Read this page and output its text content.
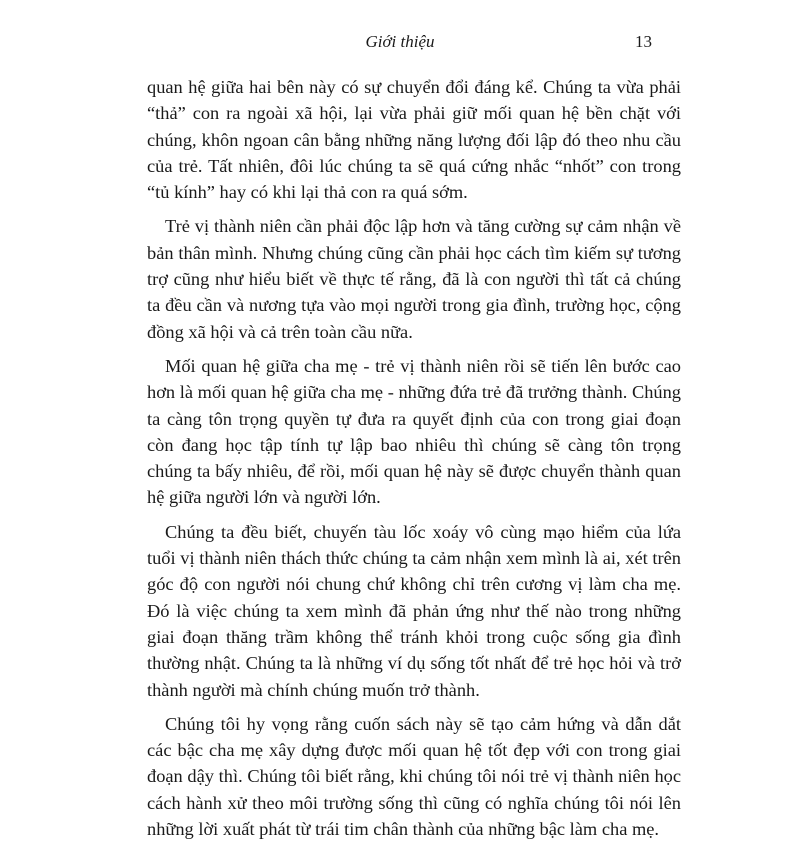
Giới thiệu	13

quan hệ giữa hai bên này có sự chuyển đổi đáng kể. Chúng ta vừa phải “thả” con ra ngoài xã hội, lại vừa phải giữ mối quan hệ bền chặt với chúng, khôn ngoan cân bằng những năng lượng đối lập đó theo nhu cầu của trẻ. Tất nhiên, đôi lúc chúng ta sẽ quá cứng nhắc “nhốt” con trong “tủ kính” hay có khi lại thả con ra quá sớm.

Trẻ vị thành niên cần phải độc lập hơn và tăng cường sự cảm nhận về bản thân mình. Nhưng chúng cũng cần phải học cách tìm kiếm sự tương trợ cũng như hiểu biết về thực tế rằng, đã là con người thì tất cả chúng ta đều cần và nương tựa vào mọi người trong gia đình, trường học, cộng đồng xã hội và cả trên toàn cầu nữa.

Mối quan hệ giữa cha mẹ - trẻ vị thành niên rồi sẽ tiến lên bước cao hơn là mối quan hệ giữa cha mẹ - những đứa trẻ đã trưởng thành. Chúng ta càng tôn trọng quyền tự đưa ra quyết định của con trong giai đoạn còn đang học tập tính tự lập bao nhiêu thì chúng sẽ càng tôn trọng chúng ta bấy nhiêu, để rồi, mối quan hệ này sẽ được chuyển thành quan hệ giữa người lớn và người lớn.

Chúng ta đều biết, chuyến tàu lốc xoáy vô cùng mạo hiểm của lứa tuổi vị thành niên thách thức chúng ta cảm nhận xem mình là ai, xét trên góc độ con người nói chung chứ không chỉ trên cương vị làm cha mẹ. Đó là việc chúng ta xem mình đã phản ứng như thế nào trong những giai đoạn thăng trầm không thể tránh khỏi trong cuộc sống gia đình thường nhật. Chúng ta là những ví dụ sống tốt nhất để trẻ học hỏi và trở thành người mà chính chúng muốn trở thành.

Chúng tôi hy vọng rằng cuốn sách này sẽ tạo cảm hứng và dẫn dắt các bậc cha mẹ xây dựng được mối quan hệ tốt đẹp với con trong giai đoạn dậy thì. Chúng tôi biết rằng, khi chúng tôi nói trẻ vị thành niên học cách hành xử theo môi trường sống thì cũng có nghĩa chúng tôi nói lên những lời xuất phát từ trái tim chân thành của những bậc làm cha mẹ.
